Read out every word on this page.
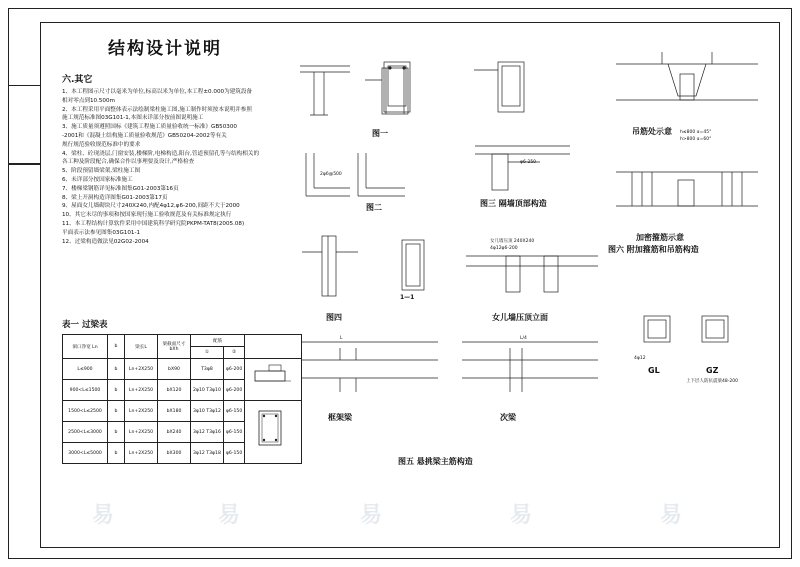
结构设计说明
六.其它

1、本工程图示尺寸以毫米为单位,标高以米为单位,本工程±0.000为建筑設备

相对零点到10.500m

2、本工程采用平面整体表示法绘制梁柱施工图,施工制作时须按本说明并参照

施工规范标准图03G101-1,本图未详部分按前图说明施工

3、施工质量须遵照国标《建筑工程施工质量验收统一标准》GB50300

-2001和《混凝土结构施工质量验收规范》GB50204-2002等有关

规行规范验收规范标准中的要求

4、梁柱、砼现浇层,门窗安装,楼梯阶,电梯构造,阳台,管道预留孔等与结构相关的

各工种及阶段配合,确保合作以事理要及设计,严格检查

5、阶段预留墙梁架,梁柱施工图

6、未详部分按国家标准施工

7、楼梯梁钢筋详见标准图集G01-2003第16页

8、梁上开洞构造详图集G01-2003第17页

9、屋面女儿墙砌块尺寸240X240,内配4φ12,φ6-200,间距不大于2000

10、其它未尽的事项和按国家现行施工验收规范及有关标准规定执行

11、本工程结构计算软件采用中国建筑科学研究院PKPM-TAT8(2005.08)

平面表示法参见图集03G101-1

12、过梁构造做法见02G02-2004

表一 过梁表
洞口净宽 Ln	b	梁长L	梁截面尺寸 bXh	配筋		
				①	②	
L≤900	b	Ln+2X250	bX90	T3φ8	φ6-200	
900<L≤1500	b	Ln+2X250	bX120	2φ10 T3φ10	φ6-200	
1500<L≤2500	b	Ln+2X250	bX180	3φ10 T3φ12	φ6-150	
2500<L≤3000	b	Ln+2X250	bX240	3φ12 T3φ16	φ6-150	
3000<L≤5000	b	Ln+2X250	bX300	3φ12 T3φ18	φ6-150	
图一
2φ6@500
图二
φ6-250
图三 隔墙顶部构造
图四
1—1
女儿墙压顶 240X240
4φ12φ6-200
女儿墙压顶立面
吊筋处示意 h≤800 α=45°
h>800 α=60°
加密箍筋示意
图六 附加箍筋和吊筋构造
4φ12
GL	GZ
上下层人防抗震梁48-200
L
框架梁
L/4
次梁
图五 悬挑梁主筋构造
易	易	易	易	易
